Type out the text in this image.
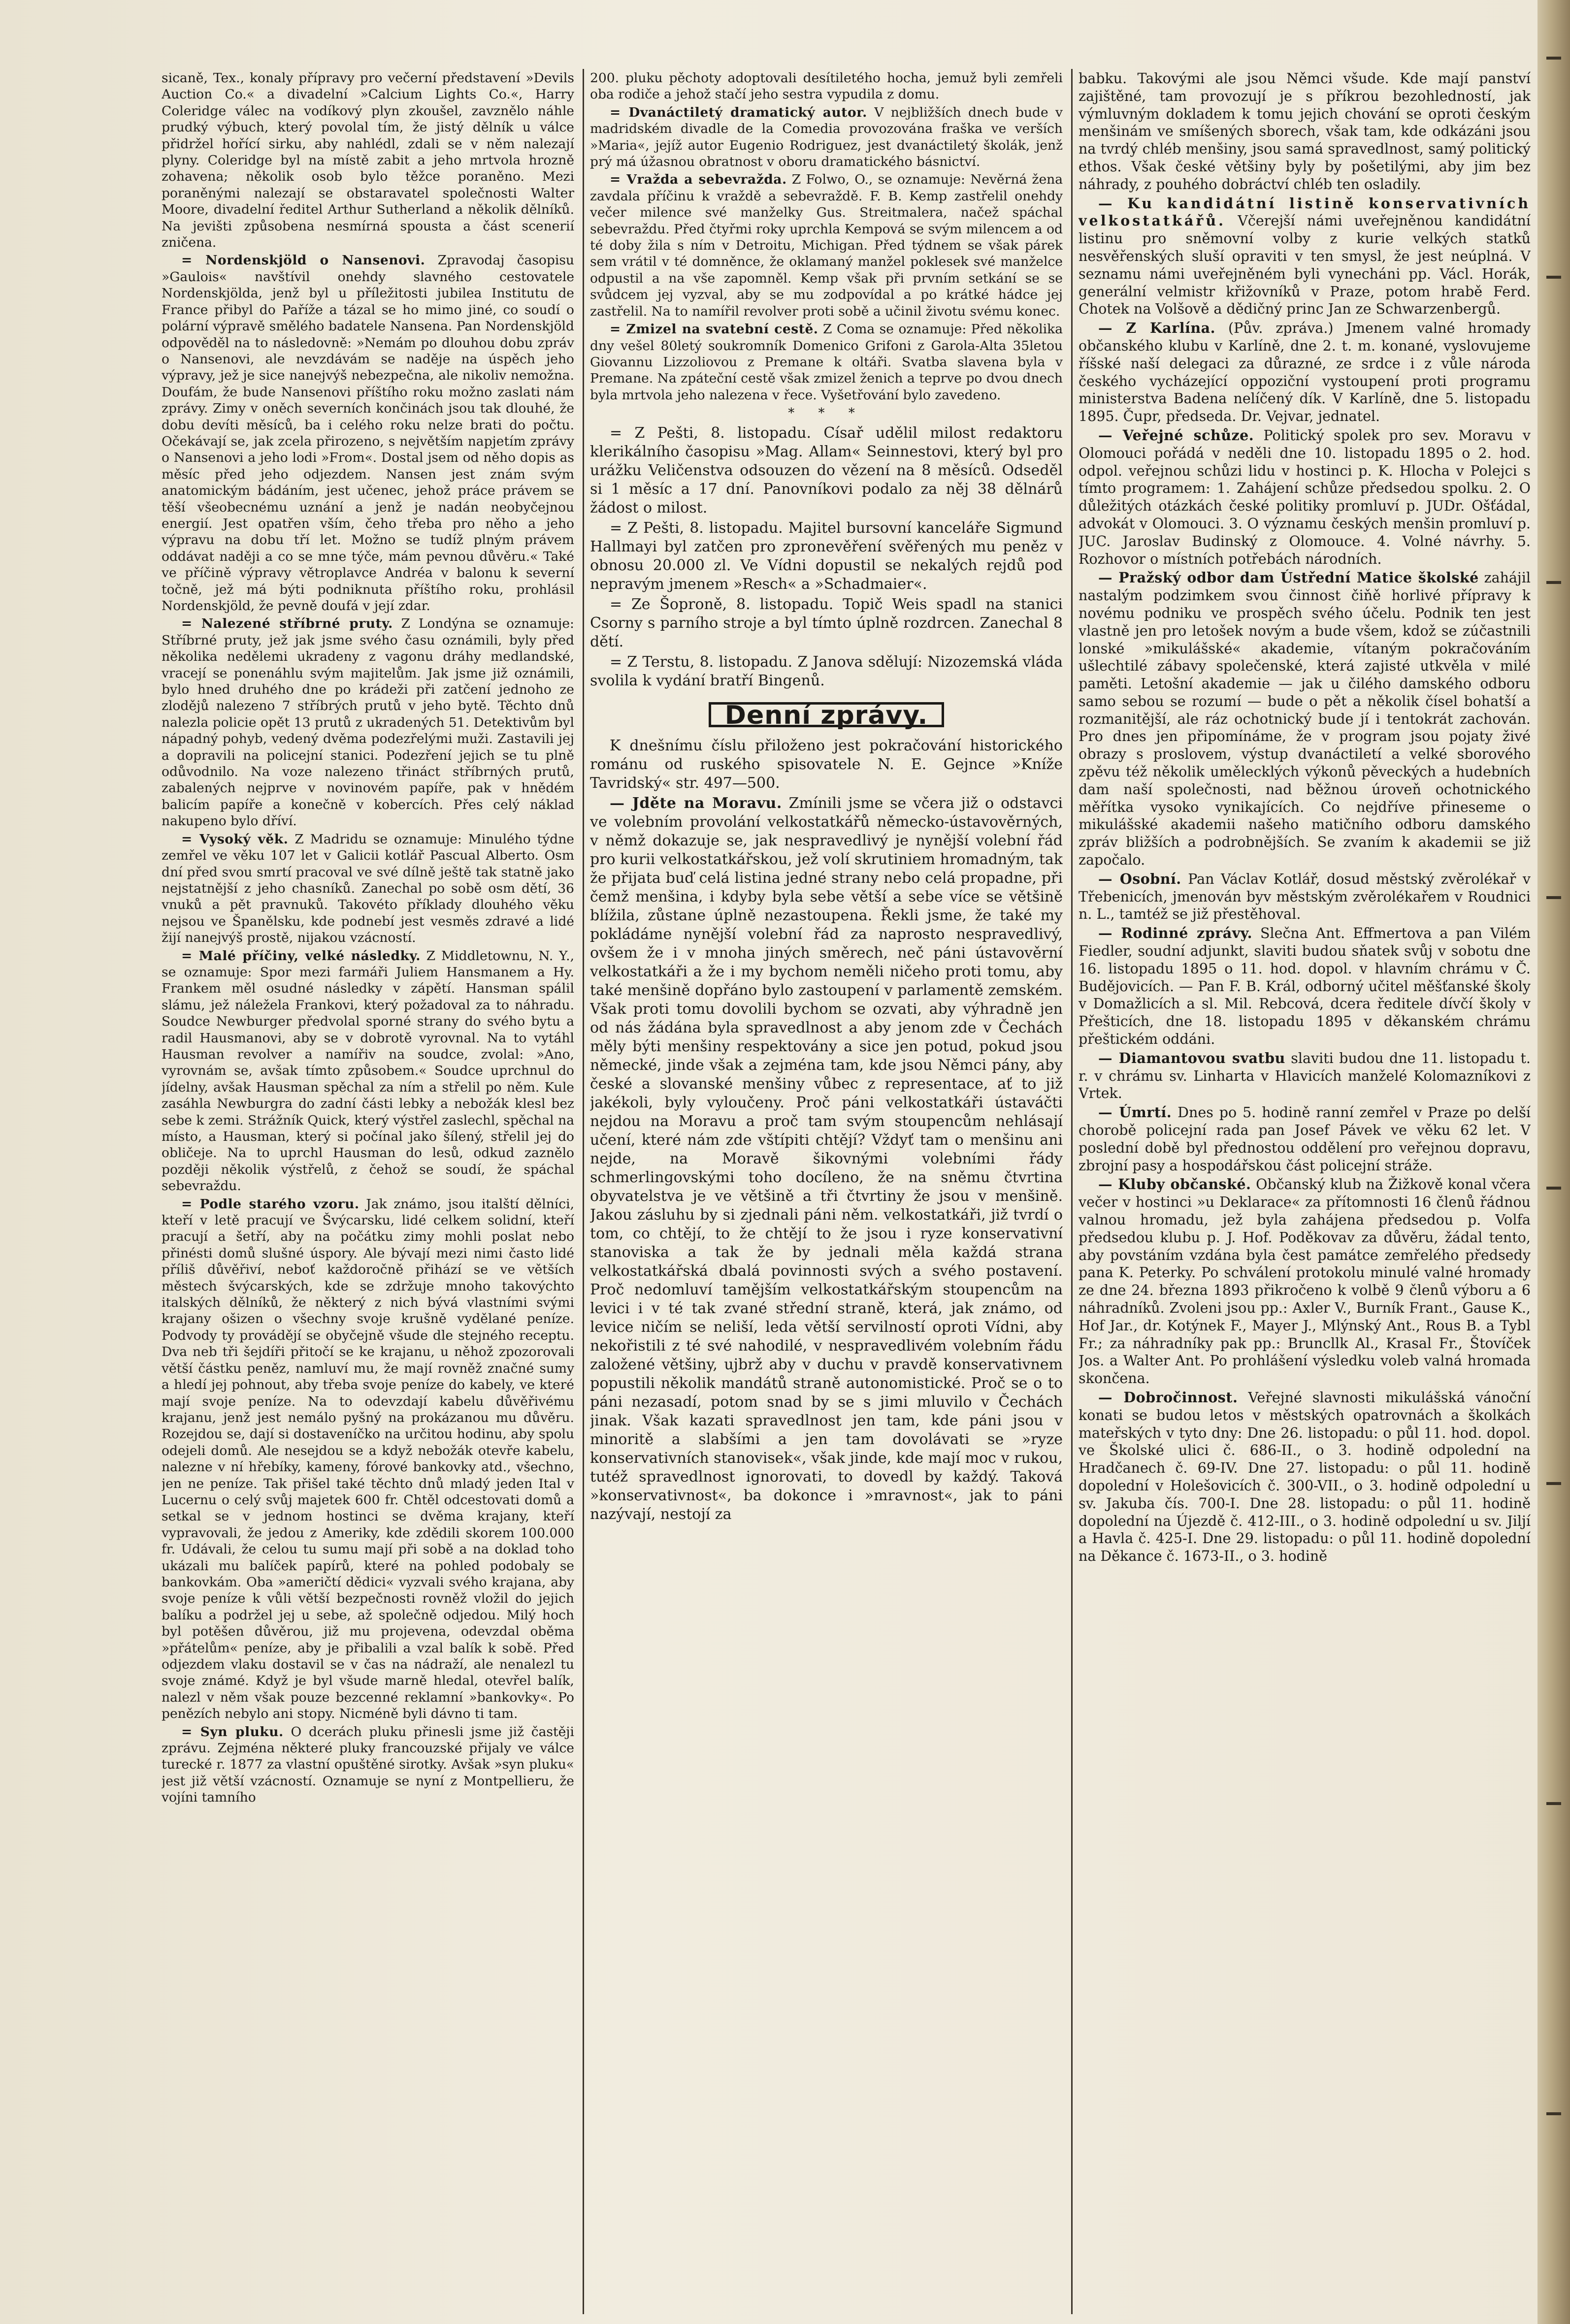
sicaně, Tex., konaly přípravy pro večerní představení »Devils Auction Co.« a divadelní »Calcium Lights Co.«, Harry Coleridge válec na vodíkový plyn zkoušel, zavznělo náhle prudký výbuch, který povolal tím, že jistý dělník u válce přidržel hořící sirku, aby nahlédl, zdali se v něm nalezají plyny. Coleridge byl na místě zabit a jeho mrtvola hrozně zohavena; několik osob bylo těžce poraněno. Mezi poraněnými nalezají se obstaravatel společnosti Walter Moore, divadelní ředitel Arthur Sutherland a několik dělníků. Na jevišti způsobena nesmírná spousta a část scenerií zničena.

= Nordenskjöld o Nansenovi. Zpravodaj časopisu »Gaulois« navštívil onehdy slavného cestovatele Nordenskjölda, jenž byl u příležitosti jubilea Institutu de France přibyl do Paříže a tázal se ho mimo jiné, co soudí o polární výpravě smělého badatele Nansena. Pan Nordenskjöld odpověděl na to následovně: »Nemám po dlouhou dobu zpráv o Nansenovi, ale nevzdávám se naděje na úspěch jeho výpravy, jež je sice nanejvýš nebezpečna, ale nikoliv nemožna. Doufám, že bude Nansenovi příštího roku možno zaslati nám zprávy. Zimy v oněch severních končinách jsou tak dlouhé, že dobu devíti měsíců, ba i celého roku nelze brati do počtu. Očekávají se, jak zcela přirozeno, s největším napjetím zprávy o Nansenovi a jeho lodi »From«. Dostal jsem od něho dopis as měsíc před jeho odjezdem. Nansen jest znám svým anatomickým bádáním, jest učenec, jehož práce právem se těší všeobecnému uznání a jenž je nadán neobyčejnou energií. Jest opatřen vším, čeho třeba pro něho a jeho výpravu na dobu tří let. Možno se tudíž plným právem oddávat naději a co se mne týče, mám pevnou důvěru.« Také ve příčině výpravy větroplavce Andréa v balonu k severní točně, jež má býti podniknuta příštího roku, prohlásil Nordenskjöld, že pevně doufá v její zdar.

= Nalezené stříbrné pruty. Z Londýna se oznamuje: Stříbrné pruty, jež jak jsme svého času oznámili, byly před několika nedělemi ukradeny z vagonu dráhy medlandské, vracejí se ponenáhlu svým majitelům. Jak jsme již oznámili, bylo hned druhého dne po krádeži při zatčení jednoho ze zlodějů nalezeno 7 stříbrých prutů v jeho bytě. Těchto dnů nalezla policie opět 13 prutů z ukradených 51. Detektivům byl nápadný pohyb, vedený dvěma podezřelými muži. Zastavili jej a dopravili na policejní stanici. Podezření jejich se tu plně odůvodnilo. Na voze nalezeno třináct stříbrných prutů, zabalených nejprve v novinovém papíře, pak v hnědém balicím papíře a konečně v kobercích. Přes celý náklad nakupeno bylo dříví.

= Vysoký věk. Z Madridu se oznamuje: Minulého týdne zemřel ve věku 107 let v Galicii kotlář Pascual Alberto. Osm dní před svou smrtí pracoval ve své dílně ještě tak statně jako nejstatnější z jeho chasníků. Zanechal po sobě osm dětí, 36 vnuků a pět pravnuků. Takovéto příklady dlouhého věku nejsou ve Španělsku, kde podnebí jest vesměs zdravé a lidé žijí nanejvýš prostě, nijakou vzácností.

= Malé příčiny, velké následky. Z Middletownu, N. Y., se oznamuje: Spor mezi farmáři Juliem Hansmanem a Hy. Frankem měl osudné následky v zápětí. Hansman spálil slámu, jež náležela Frankovi, který požadoval za to náhradu. Soudce Newburger předvolal sporné strany do svého bytu a radil Hausmanovi, aby se v dobrotě vyrovnal. Na to vytáhl Hausman revolver a namířiv na soudce, zvolal: »Ano, vyrovnám se, avšak tímto způsobem.« Soudce uprchnul do jídelny, avšak Hausman spěchal za ním a střelil po něm. Kule zasáhla Newburgra do zadní části lebky a nebožák klesl bez sebe k zemi. Strážník Quick, který výstřel zaslechl, spěchal na místo, a Hausman, který si počínal jako šílený, střelil jej do obličeje. Na to uprchl Hausman do lesů, odkud zaznělo později několik výstřelů, z čehož se soudí, že spáchal sebevraždu.

= Podle starého vzoru. Jak známo, jsou italští dělníci, kteří v letě pracují ve Švýcarsku, lidé celkem solidní, kteří pracují a šetří, aby na počátku zimy mohli poslat nebo přinésti domů slušné úspory. Ale bývají mezi nimi často lidé příliš důvěřiví, neboť každoročně přihází se ve větších městech švýcarských, kde se zdržuje mnoho takovýchto italských dělníků, že některý z nich bývá vlastními svými krajany ošizen o všechny svoje krušně vydělané peníze. Podvody ty provádějí se obyčejně všude dle stejného receptu. Dva neb tři šejdíři přitočí se ke krajanu, u něhož zpozorovali větší částku peněz, namluví mu, že mají rovněž značné sumy a hledí jej pohnout, aby třeba svoje peníze do kabely, ve které mají svoje peníze. Na to odevzdají kabelu důvěřivému krajanu, jenž jest nemálo pyšný na prokázanou mu důvěru. Rozejdou se, dají si dostaveníčko na určitou hodinu, aby spolu odejeli domů. Ale nesejdou se a když nebožák otevře kabelu, nalezne v ní hřebíky, kameny, fórové bankovky atd., všechno, jen ne peníze. Tak přišel také těchto dnů mladý jeden Ital v Lucernu o celý svůj majetek 600 fr. Chtěl odcestovati domů a setkal se v jednom hostinci se dvěma krajany, kteří vypravovali, že jedou z Ameriky, kde zdědili skorem 100.000 fr. Udávali, že celou tu sumu mají při sobě a na doklad toho ukázali mu balíček papírů, které na pohled podobaly se bankovkám. Oba »američtí dědici« vyzvali svého krajana, aby svoje peníze k vůli větší bezpečnosti rovněž vložil do jejich balíku a podržel jej u sebe, až společně odjedou. Milý hoch byl potěšen důvěrou, již mu projevena, odevzdal oběma »přátelům« peníze, aby je přibalili a vzal balík k sobě. Před odjezdem vlaku dostavil se v čas na nádraží, ale nenalezl tu svoje známé. Když je byl všude marně hledal, otevřel balík, nalezl v něm však pouze bezcenné reklamní »bankovky«. Po penězích nebylo ani stopy. Nicméně byli dávno ti tam.

= Syn pluku. O dcerách pluku přinesli jsme již častěji zprávu. Zejména některé pluky francouzské přijaly ve válce turecké r. 1877 za vlastní opuštěné sirotky. Avšak »syn pluku« jest již větší vzácností. Oznamuje se nyní z Montpellieru, že vojíni tamního

200. pluku pěchoty adoptovali desítiletého hocha, jemuž byli zemřeli oba rodiče a jehož stačí jeho sestra vypudila z domu.

= Dvanáctiletý dramatický autor. V nejbližších dnech bude v madridském divadle de la Comedia provozována fraška ve verších »Maria«, jejíž autor Eugenio Rodriguez, jest dvanáctiletý školák, jenž prý má úžasnou obratnost v oboru dramatického básnictví.

= Vražda a sebevražda. Z Folwo, O., se oznamuje: Nevěrná žena zavdala příčinu k vraždě a sebevraždě. F. B. Kemp zastřelil onehdy večer milence své manželky Gus. Streitmalera, načež spáchal sebevraždu. Před čtyřmi roky uprchla Kempová se svým milencem a od té doby žila s ním v Detroitu, Michigan. Před týdnem se však párek sem vrátil v té domněnce, že oklamaný manžel poklesek své manželce odpustil a na vše zapomněl. Kemp však při prvním setkání se se svůdcem jej vyzval, aby se mu zodpovídal a po krátké hádce jej zastřelil. Na to namířil revolver proti sobě a učinil životu svému konec.

= Zmizel na svatební cestě. Z Coma se oznamuje: Před několika dny vešel 80letý soukromník Domenico Grifoni z Garola-Alta 35letou Giovannu Lizzoliovou z Premane k oltáři. Svatba slavena byla v Premane. Na zpáteční cestě však zmizel ženich a teprve po dvou dnech byla mrtvola jeho nalezena v řece. Vyšetřování bylo zavedeno.

* * *

= Z Pešti, 8. listopadu. Císař udělil milost redaktoru klerikálního časopisu »Mag. Allam« Seinnestovi, který byl pro urážku Veličenstva odsouzen do vězení na 8 měsíců. Odseděl si 1 měsíc a 17 dní. Panovníkovi podalo za něj 38 dělnárů žádost o milost.

= Z Pešti, 8. listopadu. Majitel bursovní kanceláře Sigmund Hallmayi byl zatčen pro zpronevěření svěřených mu peněz v obnosu 20.000 zl. Ve Vídni dopustil se nekalých rejdů pod nepravým jmenem »Resch« a »Schadmaier«.

= Ze Šoproně, 8. listopadu. Topič Weis spadl na stanici Csorny s parního stroje a byl tímto úplně rozdrcen. Zanechal 8 dětí.

= Z Terstu, 8. listopadu. Z Janova sdělují: Nizozemská vláda svolila k vydání bratří Bingenů.

Denní zprávy.

K dnešnímu číslu přiloženo jest pokračování historického románu od ruského spisovatele N. E. Gejnce »Kníže Tavridský« str. 497—500.

— Jděte na Moravu. Zmínili jsme se včera již o odstavci ve volebním provolání velkostatkářů německo-ústavověrných, v němž dokazuje se, jak nespravedlivý je nynější volební řád pro kurii velkostatkářskou, jež volí skrutiniem hromadným, tak že přijata buď celá listina jedné strany nebo celá propadne, při čemž menšina, i kdyby byla sebe větší a sebe více se většině blížila, zůstane úplně nezastoupena. Řekli jsme, že také my pokládáme nynější volební řád za naprosto nespravedlivý, ovšem že i v mnoha jiných směrech, neč páni ústavověrní velkostatkáři a že i my bychom neměli ničeho proti tomu, aby také menšině dopřáno bylo zastoupení v parlamentě zemském. Však proti tomu dovolili bychom se ozvati, aby výhradně jen od nás žádána byla spravedlnost a aby jenom zde v Čechách měly býti menšiny respektovány a sice jen potud, pokud jsou německé, jinde však a zejména tam, kde jsou Němci pány, aby české a slovanské menšiny vůbec z representace, ať to již jakékoli, byly vyloučeny. Proč páni velkostatkáři ústaváčti nejdou na Moravu a proč tam svým stoupencům nehlásají učení, které nám zde vštípiti chtějí? Vždyť tam o menšinu ani nejde, na Moravě šikovnými volebními řády schmerlingovskými toho docíleno, že na sněmu čtvrtina obyvatelstva je ve většině a tři čtvrtiny že jsou v menšině. Jakou zásluhu by si zjednali páni něm. velkostatkáři, již tvrdí o tom, co chtějí, to že chtějí to že jsou i ryze konservativní stanoviska a tak že by jednali měla každá strana velkostatkářská dbalá povinnosti svých a svého postavení. Proč nedomluví tamějším velkostatkářským stoupencům na levici i v té tak zvané střední straně, která, jak známo, od levice ničím se neliší, leda větší servilností oproti Vídni, aby nekořistili z té své nahodilé, v nespravedlivém volebním řádu založené většiny, ujbrž aby v duchu v pravdě konservativnem popustili několik mandátů straně autonomistické. Proč se o to páni nezasadí, potom snad by se s jimi mluvilo v Čechách jinak. Však kazati spravedlnost jen tam, kde páni jsou v minoritě a slabšími a jen tam dovolávati se »ryze konservativních stanovisek«, však jinde, kde mají moc v rukou, tutéž spravedlnost ignorovati, to dovedl by každý. Taková »konservativnost«, ba dokonce i »mravnost«, jak to páni nazývají, nestojí za

babku. Takovými ale jsou Němci všude. Kde mají panství zajištěné, tam provozují je s příkrou bezohledností, jak výmluvným dokladem k tomu jejich chování se oproti českým menšinám ve smíšených sborech, však tam, kde odkázáni jsou na tvrdý chléb menšiny, jsou samá spravedlnost, samý politický ethos. Však české většiny byly by pošetilými, aby jim bez náhrady, z pouhého dobráctví chléb ten osladily.

— Ku kandidátní listině konservativních velkostatkářů. Včerejší námi uveřejněnou kandidátní listinu pro sněmovní volby z kurie velkých statků nesvěřenských sluší opraviti v ten smysl, že jest neúplná. V seznamu námi uveřejněném byli vynecháni pp. Václ. Horák, generální velmistr křižovníků v Praze, potom hrabě Ferd. Chotek na Volšově a dědičný princ Jan ze Schwarzenbergů.

— Z Karlína. (Pův. zpráva.) Jmenem valné hromady občanského klubu v Karlíně, dne 2. t. m. konané, vyslovujeme říšské naší delegaci za důrazné, ze srdce i z vůle národa českého vycházející oppoziční vystoupení proti programu ministerstva Badena nelíčený dík. V Karlíně, dne 5. listopadu 1895. Čupr, předseda. Dr. Vejvar, jednatel.

— Veřejné schůze. Politický spolek pro sev. Moravu v Olomouci pořádá v neděli dne 10. listopadu 1895 o 2. hod. odpol. veřejnou schůzi lidu v hostinci p. K. Hlocha v Polejci s tímto programem: 1. Zahájení schůze předsedou spolku. 2. O důležitých otázkách české politiky promluví p. JUDr. Ošťádal, advokát v Olomouci. 3. O významu českých menšin promluví p. JUC. Jaroslav Budinský z Olomouce. 4. Volné návrhy. 5. Rozhovor o místních potřebách národních.

— Pražský odbor dam Ústřední Matice školské zahájil nastalým podzimkem svou činnost čiňě horlivé přípravy k novému podniku ve prospěch svého účelu. Podnik ten jest vlastně jen pro letošek novým a bude všem, kdož se zúčastnili lonské »mikulášské« akademie, vítaným pokračováním ušlechtilé zábavy společenské, která zajisté utkvěla v milé paměti. Letošní akademie — jak u čilého damského odboru samo sebou se rozumí — bude o pět a několik čísel bohatší a rozmanitější, ale ráz ochotnický bude jí i tentokrát zachován. Pro dnes jen připomínáme, že v program jsou pojaty živé obrazy s proslovem, výstup dvanáctiletí a velké sborového zpěvu též několik umělecklých výkonů pěveckých a hudebních dam naší společnosti, nad běžnou úroveň ochotnického měřítka vysoko vynikajících. Co nejdříve přineseme o mikulášské akademii našeho matičního odboru damského zpráv bližších a podrobnějších. Se zvaním k akademii se již započalo.

— Osobní. Pan Václav Kotlář, dosud městský zvěrolékař v Třebenicích, jmenován byv městským zvěrolékařem v Roudnici n. L., tamtéž se již přestěhoval.

— Rodinné zprávy. Slečna Ant. Effmertova a pan Vilém Fiedler, soudní adjunkt, slaviti budou sňatek svůj v sobotu dne 16. listopadu 1895 o 11. hod. dopol. v hlavním chrámu v Č. Budějovicích. — Pan F. B. Král, odborný učitel měšťanské školy v Domažlicích a sl. Mil. Rebcová, dcera ředitele dívčí školy v Přešticích, dne 18. listopadu 1895 v děkanském chrámu přeštickém oddáni.

— Diamantovou svatbu slaviti budou dne 11. listopadu t. r. v chrámu sv. Linharta v Hlavicích manželé Kolomazníkovi z Vrtek.

— Úmrtí. Dnes po 5. hodině ranní zemřel v Praze po delší chorobě policejní rada pan Josef Pávek ve věku 62 let. V poslední době byl přednostou oddělení pro veřejnou dopravu, zbrojní pasy a hospodářskou část policejní stráže.

— Kluby občanské. Občanský klub na Žižkově konal včera večer v hostinci »u Deklarace« za přítomnosti 16 členů řádnou valnou hromadu, jež byla zahájena předsedou p. Volfa předsedou klubu p. J. Hof. Poděkovav za důvěru, žádal tento, aby povstáním vzdána byla čest památce zemřelého předsedy pana K. Peterky. Po schválení protokolu minulé valné hromady ze dne 24. března 1893 přikročeno k volbě 9 členů výboru a 6 náhradníků. Zvoleni jsou pp.: Axler V., Burník Frant., Gause K., Hof Jar., dr. Kotýnek F., Mayer J., Mlýnský Ant., Rous B. a Tybl Fr.; za náhradníky pak pp.: Bruncllk Al., Krasal Fr., Štovíček Jos. a Walter Ant. Po prohlášení výsledku voleb valná hromada skončena.

— Dobročinnost. Veřejné slavnosti mikulášská vánoční konati se budou letos v městských opatrovnách a školkách mateřských v tyto dny: Dne 26. listopadu: o půl 11. hod. dopol. ve Školské ulici č. 686-II., o 3. hodině odpolední na Hradčanech č. 69-IV. Dne 27. listopadu: o půl 11. hodině dopolední v Holešovicích č. 300-VII., o 3. hodině odpolední u sv. Jakuba čís. 700-I. Dne 28. listopadu: o půl 11. hodině dopolední na Újezdě č. 412-III., o 3. hodině odpolední u sv. Jiljí a Havla č. 425-I. Dne 29. listopadu: o půl 11. hodině dopolední na Děkance č. 1673-II., o 3. hodině
